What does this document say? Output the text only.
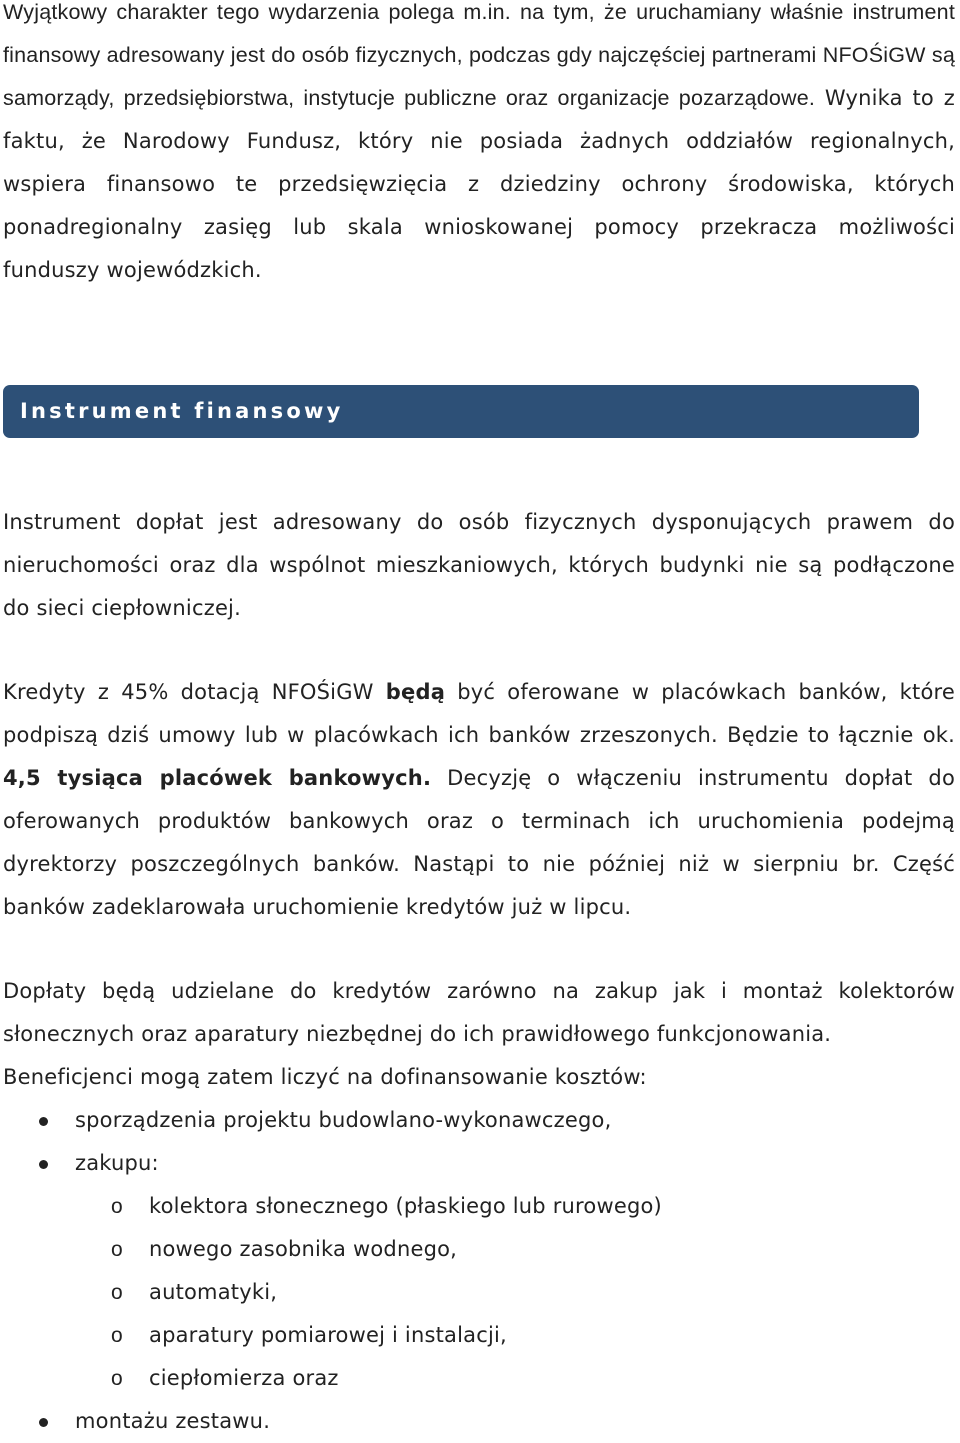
Wyjątkowy charakter tego wydarzenia polega m.in. na tym, że uruchamiany właśnie instrument finansowy adresowany jest do osób fizycznych, podczas gdy najczęściej partnerami NFOŚiGW są samorządy, przedsiębiorstwa, instytucje publiczne oraz organizacje pozarządowe. Wynika to z faktu, że Narodowy Fundusz, który nie posiada żadnych oddziałów regionalnych, wspiera finansowo te przedsięwzięcia z dziedziny ochrony środowiska, których ponadregionalny zasięg lub skala wnioskowanej pomocy przekracza możliwości funduszy wojewódzkich.

Instrument finansowy

Instrument dopłat jest adresowany do osób fizycznych dysponujących prawem do nieruchomości oraz dla wspólnot mieszkaniowych, których budynki nie są podłączone do sieci ciepłowniczej.

Kredyty z 45% dotacją NFOŚiGW będą być oferowane w placówkach banków, które podpiszą dziś umowy lub w placówkach ich banków zrzeszonych. Będzie to łącznie ok. 4,5 tysiąca placówek bankowych. Decyzję o włączeniu instrumentu dopłat do oferowanych produktów bankowych oraz o terminach ich uruchomienia podejmą dyrektorzy poszczególnych banków. Nastąpi to nie później niż w sierpniu br. Część banków zadeklarowała uruchomienie kredytów już w lipcu.

Dopłaty będą udzielane do kredytów zarówno na zakup jak i montaż kolektorów słonecznych oraz aparatury niezbędnej do ich prawidłowego funkcjonowania.

Beneficjenci mogą zatem liczyć na dofinansowanie kosztów:

sporządzenia projektu budowlano-wykonawczego,
zakupu:
o kolektora słonecznego (płaskiego lub rurowego)
o nowego zasobnika wodnego,
o automatyki,
o aparatury pomiarowej i instalacji,
o ciepłomierza oraz
montażu zestawu.
